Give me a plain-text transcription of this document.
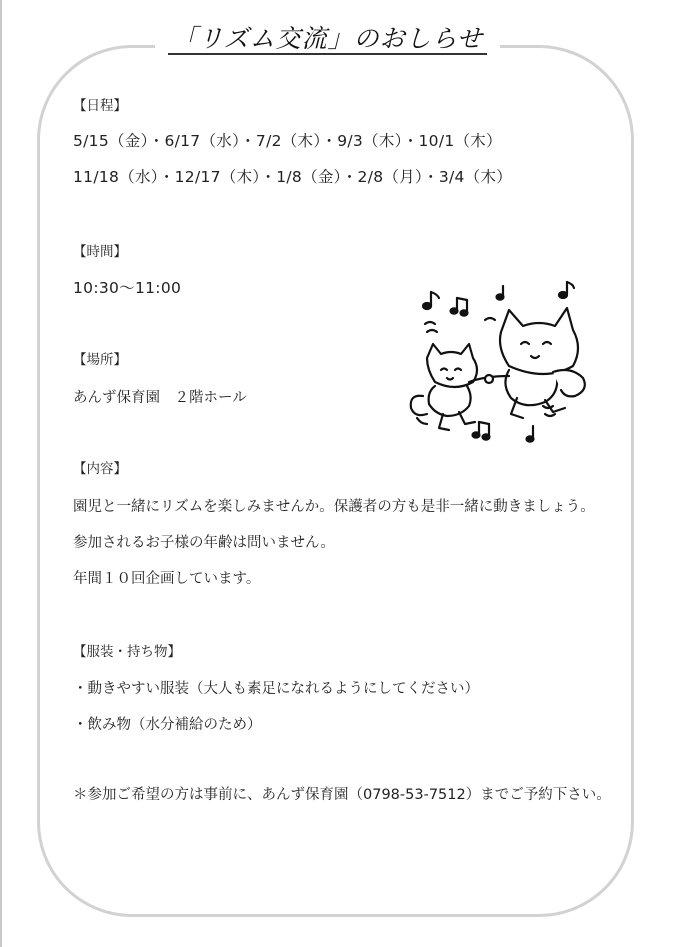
「リズム交流」のおしらせ
【日程】
5/15（金）・6/17（水）・7/2（木）・9/3（木）・10/1（木）
11/18（水）・12/17（木）・1/8（金）・2/8（月）・3/4（木）
【時間】
10:30～11:00
【場所】
あんず保育園　２階ホール
【内容】
園児と一緒にリズムを楽しみませんか。保護者の方も是非一緒に動きましょう。
参加されるお子様の年齢は問いません。
年間１０回企画しています。
【服装・持ち物】
・動きやすい服装（大人も素足になれるようにしてください）
・飲み物（水分補給のため）
＊参加ご希望の方は事前に、あんず保育園（0798-53-7512）までご予約下さい。
